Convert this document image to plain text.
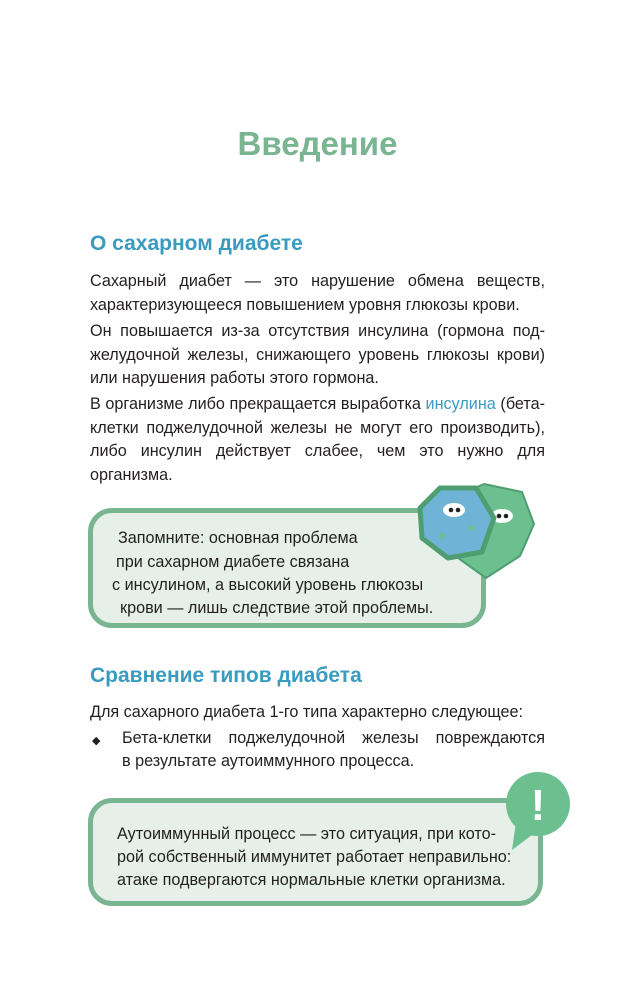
Введение
О сахарном диабете

Сахарный диабет — это нарушение обмена веществ, характеризующееся повышением уровня глюкозы крови.

Он повышается из-за отсутствия инсулина (гормона поджелудочной железы, снижающего уровень глюкозы крови) или нарушения работы этого гормона.

В организме либо прекращается выработка инсулина (бета-клетки поджелудочной железы не могут его производить), либо инсулин действует слабее, чем это нужно для организма.

Запомните: основная проблема
при сахарном диабете связана
с инсулином, а высокий уровень глюкозы
крови — лишь следствие этой проблемы.
Сравнение типов диабета

Для сахарного диабета 1-го типа характерно следующее:

◆ Бета-клетки поджелудочной железы повреждаются

в результате аутоиммунного процесса.

Аутоиммунный процесс — это ситуация, при кото-
рой собственный иммунитет работает неправильно:
атаке подвергаются нормальные клетки организма.
!
